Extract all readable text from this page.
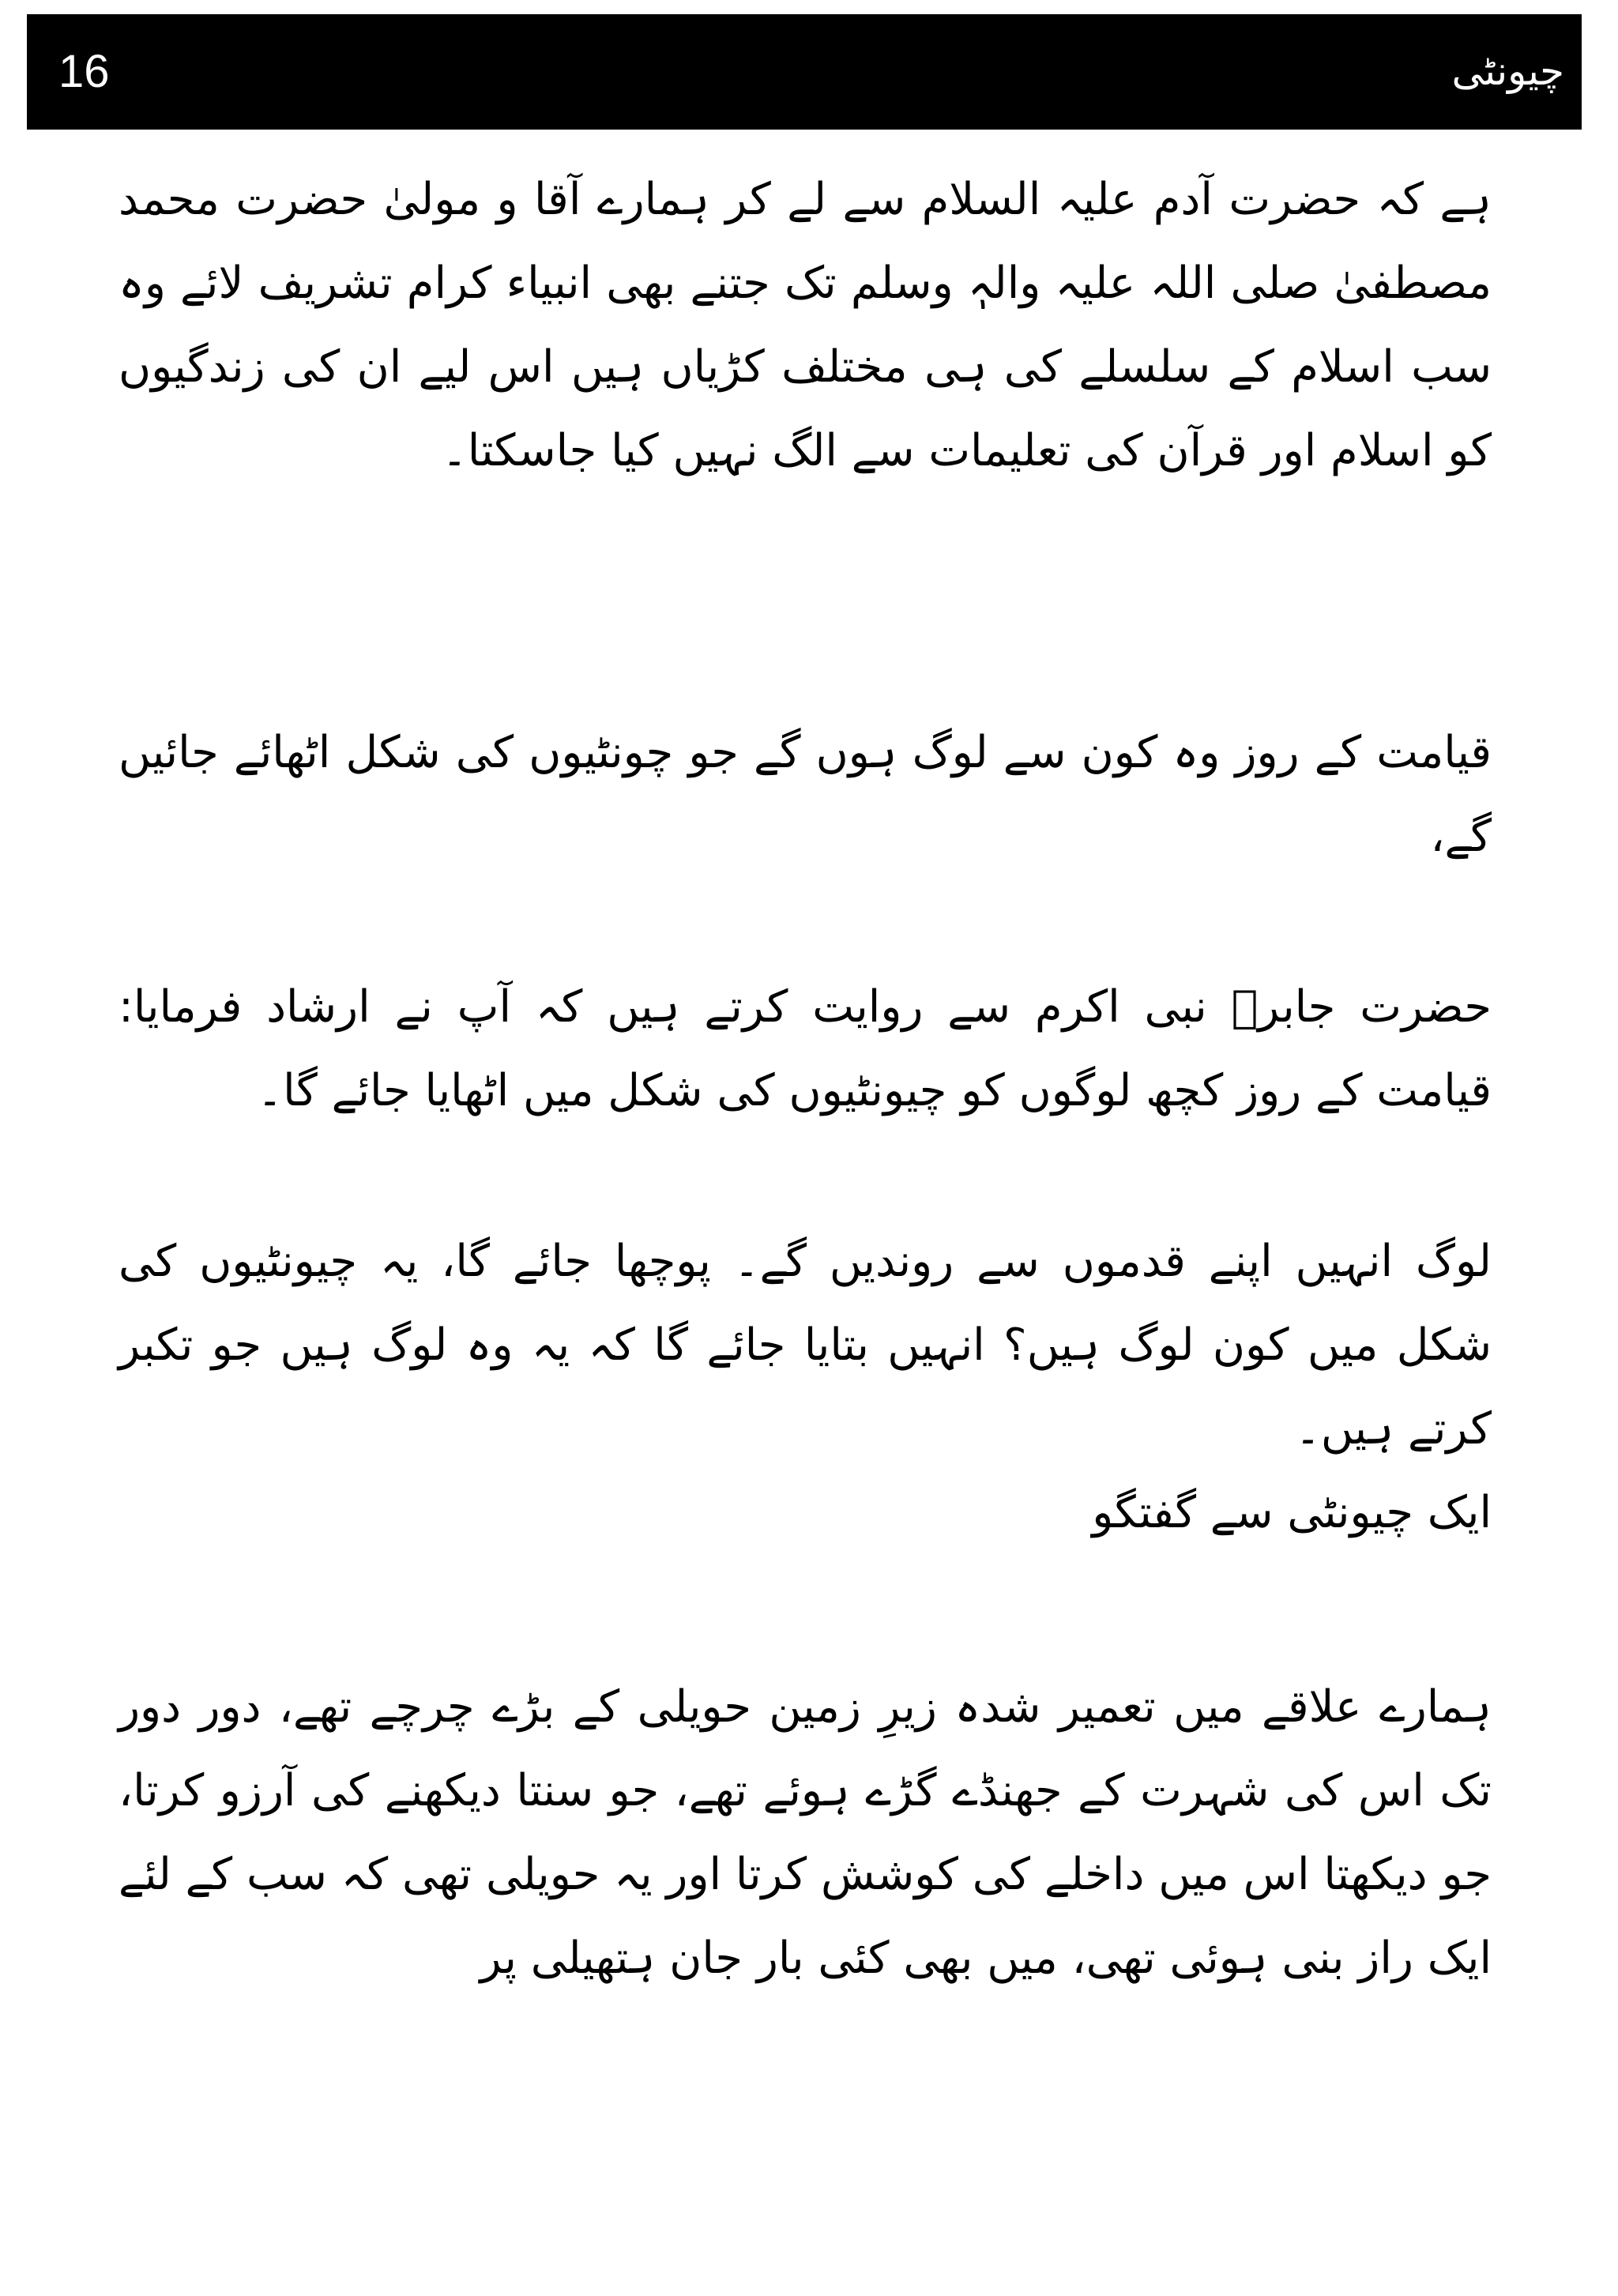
16	چیونٹی

ہے کہ حضرت آدم علیہ السلام سے لے کر ہمارے آقا و مولیٰ حضرت محمد مصطفیٰ صلی اللہ علیہ والہٖ وسلم تک جتنے بھی انبیاء کرام تشریف لائے وہ سب اسلام کے سلسلے کی ہی مختلف کڑیاں ہیں اس لیے ان کی زندگیوں کو اسلام اور قرآن کی تعلیمات سے الگ نہیں کیا جاسکتا۔

قیامت کے روز وہ کون سے لوگ ہوں گے جو چونٹیوں کی شکل اٹھائے جائیں گے،

حضرت جابرؓ نبی اکرم سے روایت کرتے ہیں کہ آپ نے ارشاد فرمایا: قیامت کے روز کچھ لوگوں کو چیونٹیوں کی شکل میں اٹھایا جائے گا۔

لوگ انہیں اپنے قدموں سے روندیں گے۔ پوچھا جائے گا، یہ چیونٹیوں کی شکل میں کون لوگ ہیں؟ انہیں بتایا جائے گا کہ یہ وہ لوگ ہیں جو تکبر کرتے ہیں۔

ایک چیونٹی سے گفتگو

ہمارے علاقے میں تعمیر شدہ زیرِ زمین حویلی کے بڑے چرچے تھے، دور دور تک اس کی شہرت کے جھنڈے گڑے ہوئے تھے، جو سنتا دیکھنے کی آرزو کرتا، جو دیکھتا اس میں داخلے کی کوشش کرتا اور یہ حویلی تھی کہ سب کے لئے ایک راز بنی ہوئی تھی، میں بھی کئی بار جان ہتھیلی پر
